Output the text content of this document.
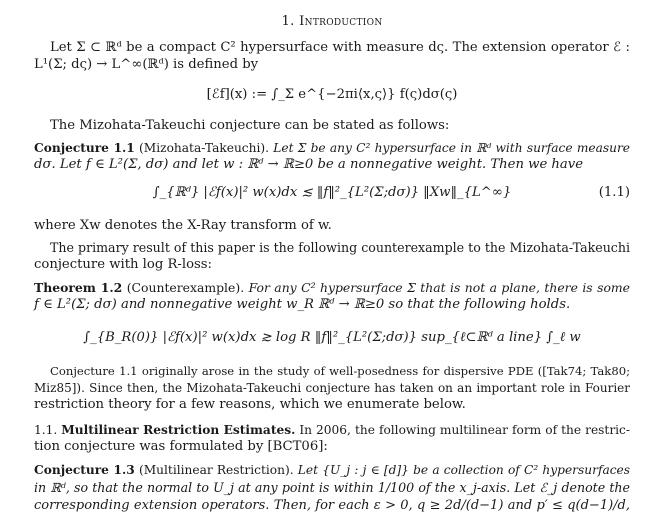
1. Introduction
Let Σ ⊂ ℝᵈ be a compact C² hypersurface with measure dς. The extension operator ℰ :
L¹(Σ; dς) → L^∞(ℝᵈ) is defined by
[ℰf](x) := ∫_Σ e^{−2πi⟨x,ς⟩} f(ς)dσ(ς)
The Mizohata-Takeuchi conjecture can be stated as follows:
Conjecture 1.1 (Mizohata-Takeuchi). Let Σ be any C² hypersurface in ℝᵈ with surface measure
dσ. Let f ∈ L²(Σ, dσ) and let w : ℝᵈ → ℝ≥0 be a nonnegative weight. Then we have
∫_{ℝᵈ} |ℰf(x)|² w(x)dx ≲ ‖f‖²_{L²(Σ;dσ)} ‖Xw‖_{L^∞}	(1.1)
where Xw denotes the X-Ray transform of w.
The primary result of this paper is the following counterexample to the Mizohata-Takeuchi
conjecture with log R-loss:
Theorem 1.2 (Counterexample). For any C² hypersurface Σ that is not a plane, there is some
f ∈ L²(Σ; dσ) and nonnegative weight w_R ℝᵈ → ℝ≥0 so that the following holds.
∫_{B_R(0)} |ℰf(x)|² w(x)dx ≳ log R ‖f‖²_{L²(Σ;dσ)} sup_{ℓ⊂ℝᵈ a line} ∫_ℓ w
Conjecture 1.1 originally arose in the study of well-posedness for dispersive PDE ([Tak74; Tak80;
Miz85]). Since then, the Mizohata-Takeuchi conjecture has taken on an important role in Fourier
restriction theory for a few reasons, which we enumerate below.
1.1. Multilinear Restriction Estimates. In 2006, the following multilinear form of the restric-
tion conjecture was formulated by [BCT06]:
Conjecture 1.3 (Multilinear Restriction). Let {U_j : j ∈ [d]} be a collection of C² hypersurfaces
in ℝᵈ, so that the normal to U_j at any point is within 1/100 of the x_j-axis. Let ℰ_j denote the
corresponding extension operators. Then, for each ε > 0, q ≥ 2d/(d−1) and p′ ≤ q(d−1)/d,
